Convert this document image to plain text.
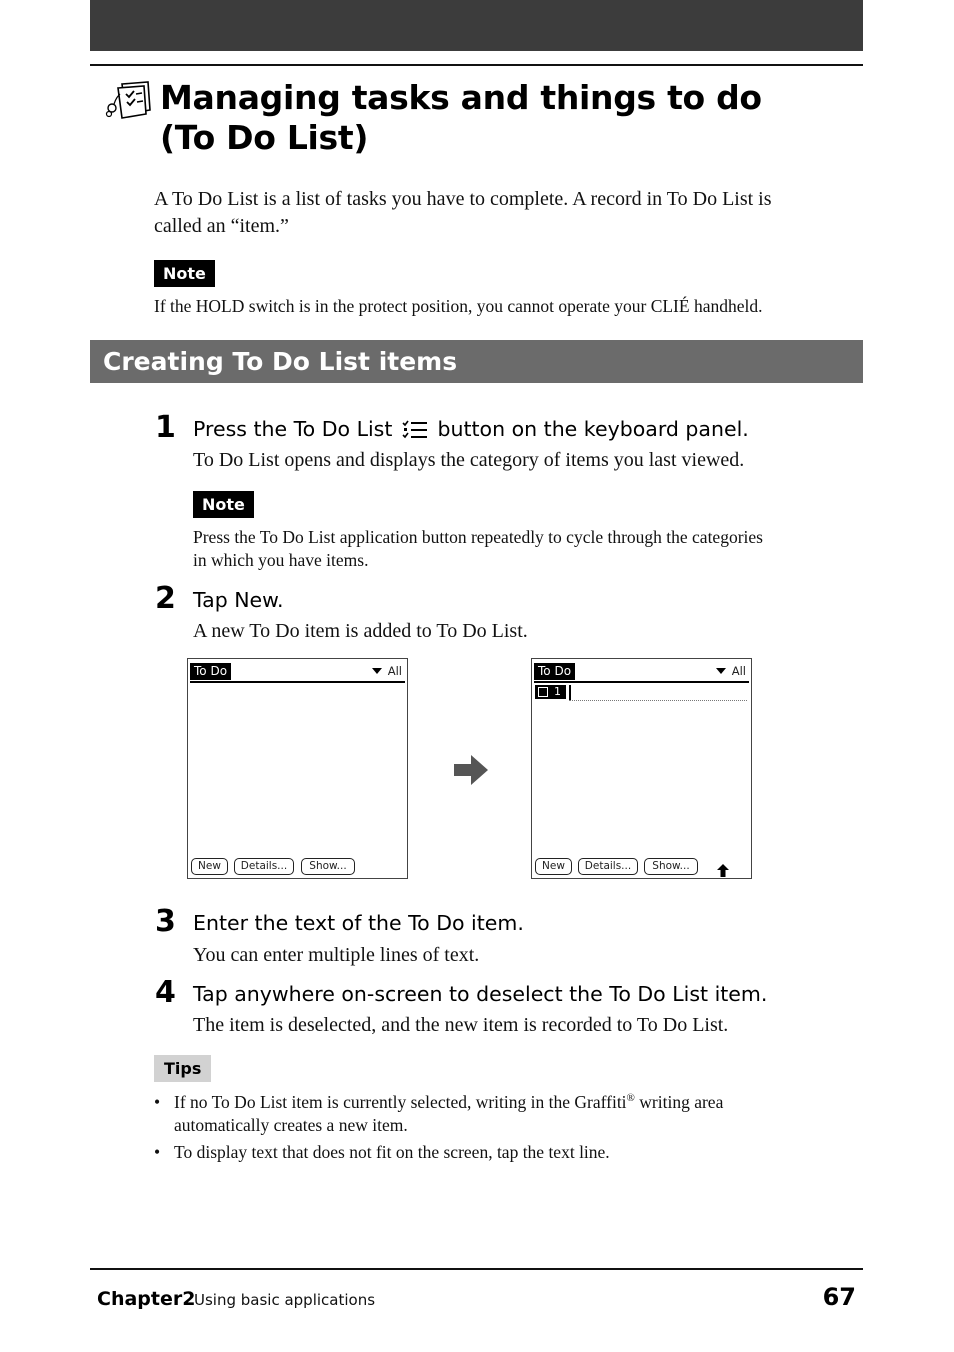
Managing tasks and things to do
(To Do List)
A To Do List is a list of tasks you have to complete. A record in To Do List is
called an “item.”
Note
If the HOLD switch is in the protect position, you cannot operate your CLIÉ handheld.
Creating To Do List items
1 Press the To Do List button on the keyboard panel.
To Do List opens and displays the category of items you last viewed.
Note
Press the To Do List application button repeatedly to cycle through the categories
in which you have items.
2 Tap New.
A new To Do item is added to To Do List.
To Do	All
New	Details...	Show...
To Do	All
1
New	Show...
Details...
3 Enter the text of the To Do item.
You can enter multiple lines of text.
4 Tap anywhere on-screen to deselect the To Do List item.
The item is deselected, and the new item is recorded to To Do List.
Tips
• If no To Do List item is currently selected, writing in the Graffiti® writing area
automatically creates a new item.
• To display text that does not fit on the screen, tap the text line.
Chapter2
Using basic applications	67
